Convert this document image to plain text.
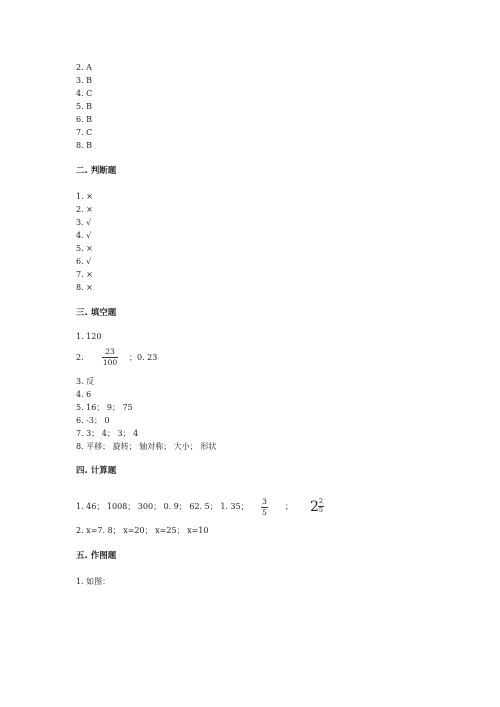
2. A
3. B
4. C
5. B
6. B
7. C
8. B
二. 判断题
1. ×
2. ×
3. √
4. √
5. ×
6. √
7. ×
8. ×
三. 填空题
1. 120
2.
23
100
；0. 23
3. 反
4. 6
5. 16； 9； 75
6. -3； 0
7. 3； 4； 3； 4
8. 平移； 旋转； 轴对称； 大小； 形状
四. 计算题
1. 46； 1008； 300； 0. 9； 62. 5； 1. 35；
3
5
； 2 2
5
2. x=7. 8； x=20； x=25； x=10
五. 作图题
1. 如图：
